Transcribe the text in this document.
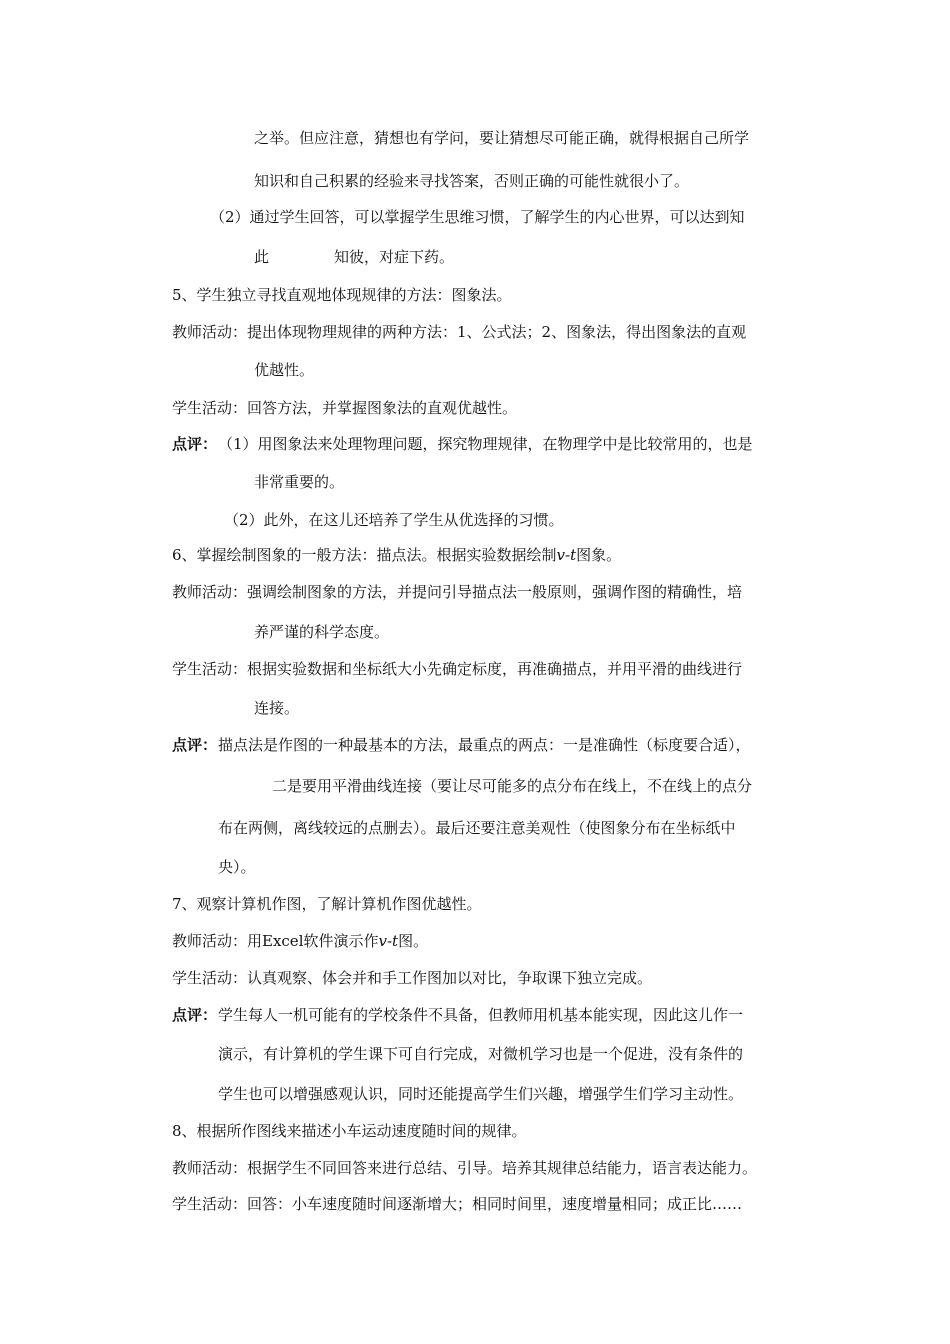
之举。但应注意，猜想也有学问，要让猜想尽可能正确，就得根据自己所学
知识和自己积累的经验来寻找答案，否则正确的可能性就很小了。
（2）通过学生回答，可以掌握学生思维习惯，了解学生的内心世界，可以达到知
此	知彼，对症下药。
5、学生独立寻找直观地体现规律的方法：图象法。
教师活动：提出体现物理规律的两种方法：1、公式法；2、图象法，得出图象法的直观
优越性。
学生活动：回答方法，并掌握图象法的直观优越性。
点评： （1）用图象法来处理物理问题，探究物理规律，在物理学中是比较常用的，也是
非常重要的。
（2）此外，在这儿还培养了学生从优选择的习惯。
6、掌握绘制图象的一般方法：描点法。根据实验数据绘制v-t图象。
教师活动：强调绘制图象的方法，并提问引导描点法一般原则，强调作图的精确性，培
养严谨的科学态度。
学生活动：根据实验数据和坐标纸大小先确定标度，再准确描点，并用平滑的曲线进行
连接。
点评： 描点法是作图的一种最基本的方法，最重点的两点：一是准确性（标度要合适），
二是要用平滑曲线连接（要让尽可能多的点分布在线上，不在线上的点分
布在两侧，离线较远的点删去）。最后还要注意美观性（使图象分布在坐标纸中
央）。
7、观察计算机作图，了解计算机作图优越性。
教师活动：用Excel软件演示作v-t图。
学生活动：认真观察、体会并和手工作图加以对比，争取课下独立完成。
点评： 学生每人一机可能有的学校条件不具备，但教师用机基本能实现，因此这儿作一
演示，有计算机的学生课下可自行完成，对微机学习也是一个促进，没有条件的
学生也可以增强感观认识，同时还能提高学生们兴趣，增强学生们学习主动性。
8、根据所作图线来描述小车运动速度随时间的规律。
教师活动：根据学生不同回答来进行总结、引导。培养其规律总结能力，语言表达能力。
学生活动：回答：小车速度随时间逐渐增大；相同时间里，速度增量相同；成正比……
